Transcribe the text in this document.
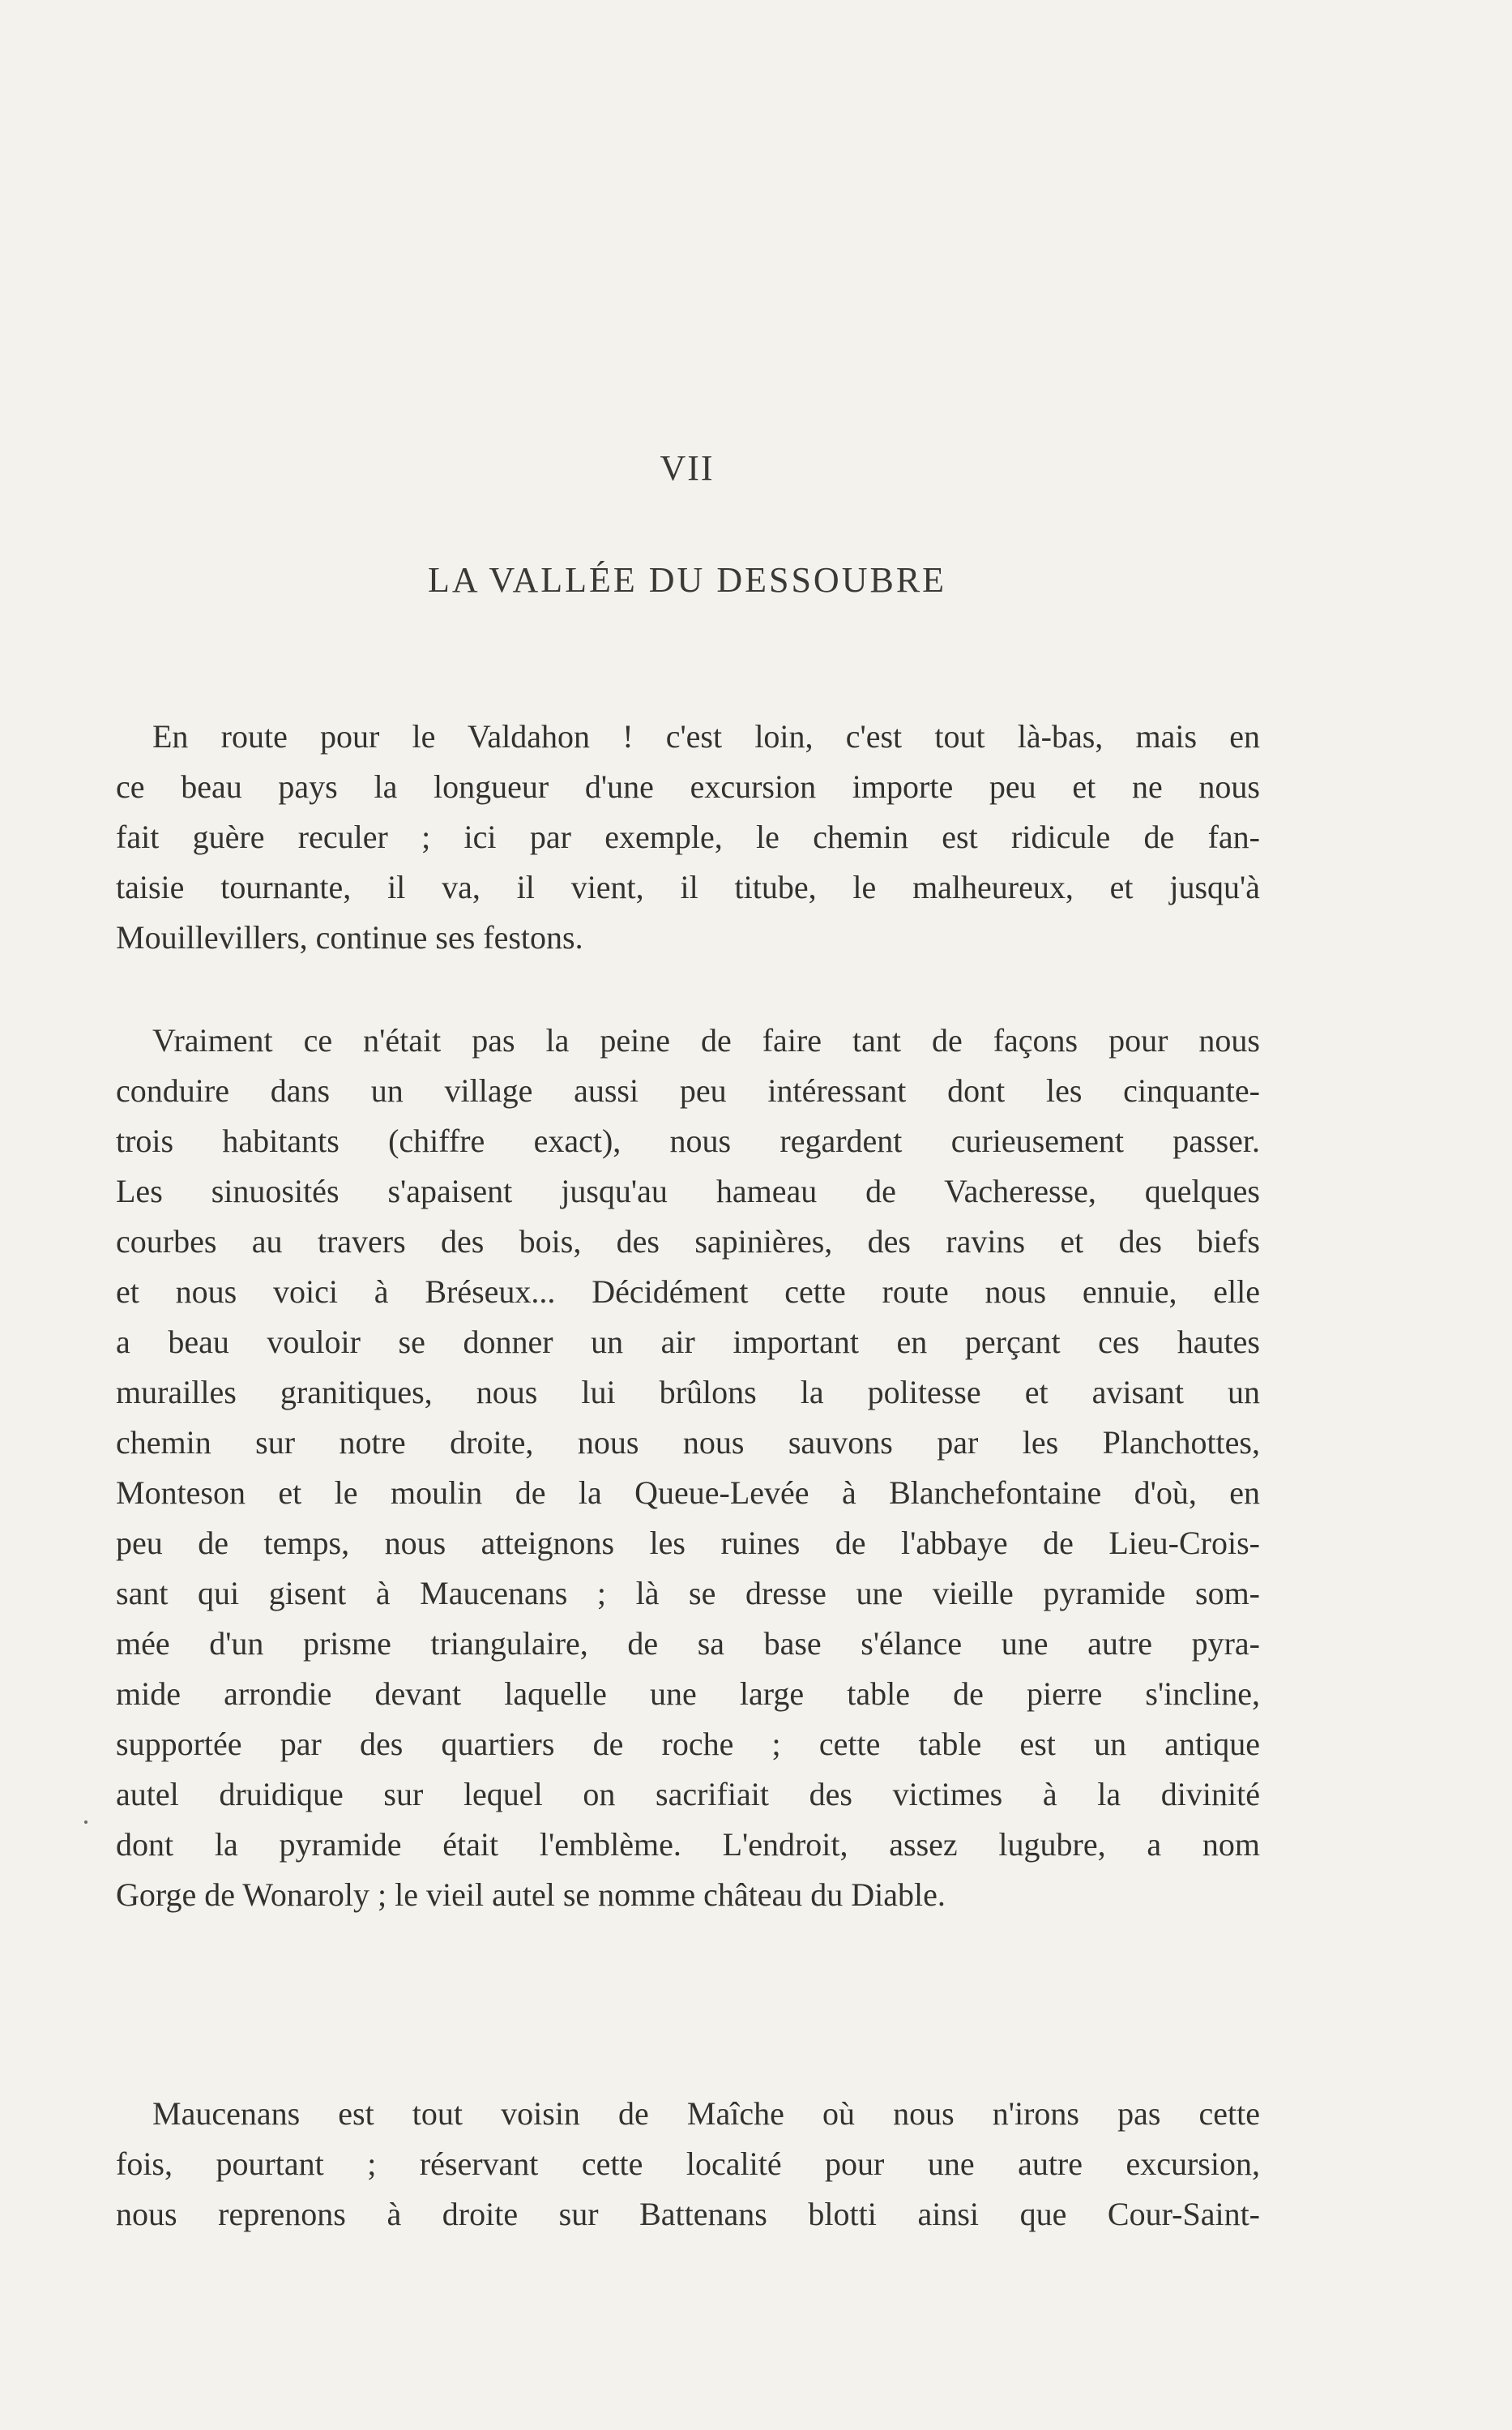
VII
LA VALLÉE DU DESSOUBRE
En route pour le Valdahon ! c'est loin, c'est tout là-bas, mais en
ce beau pays la longueur d'une excursion importe peu et ne nous
fait guère reculer ; ici par exemple, le chemin est ridicule de fan-
taisie tournante, il va, il vient, il titube, le malheureux, et jusqu'à
Mouillevillers, continue ses festons.
Vraiment ce n'était pas la peine de faire tant de façons pour nous
conduire dans un village aussi peu intéressant dont les cinquante-
trois habitants (chiffre exact), nous regardent curieusement passer.
Les sinuosités s'apaisent jusqu'au hameau de Vacheresse, quelques
courbes au travers des bois, des sapinières, des ravins et des biefs
et nous voici à Bréseux... Décidément cette route nous ennuie, elle
a beau vouloir se donner un air important en perçant ces hautes
murailles granitiques, nous lui brûlons la politesse et avisant un
chemin sur notre droite, nous nous sauvons par les Planchottes,
Monteson et le moulin de la Queue-Levée à Blanchefontaine d'où, en
peu de temps, nous atteignons les ruines de l'abbaye de Lieu-Crois-
sant qui gisent à Maucenans ; là se dresse une vieille pyramide som-
mée d'un prisme triangulaire, de sa base s'élance une autre pyra-
mide arrondie devant laquelle une large table de pierre s'incline,
supportée par des quartiers de roche ; cette table est un antique
autel druidique sur lequel on sacrifiait des victimes à la divinité
dont la pyramide était l'emblème. L'endroit, assez lugubre, a nom
Gorge de Wonaroly ; le vieil autel se nomme château du Diable.
Maucenans est tout voisin de Maîche où nous n'irons pas cette
fois, pourtant ; réservant cette localité pour une autre excursion,
nous reprenons à droite sur Battenans blotti ainsi que Cour-Saint-
